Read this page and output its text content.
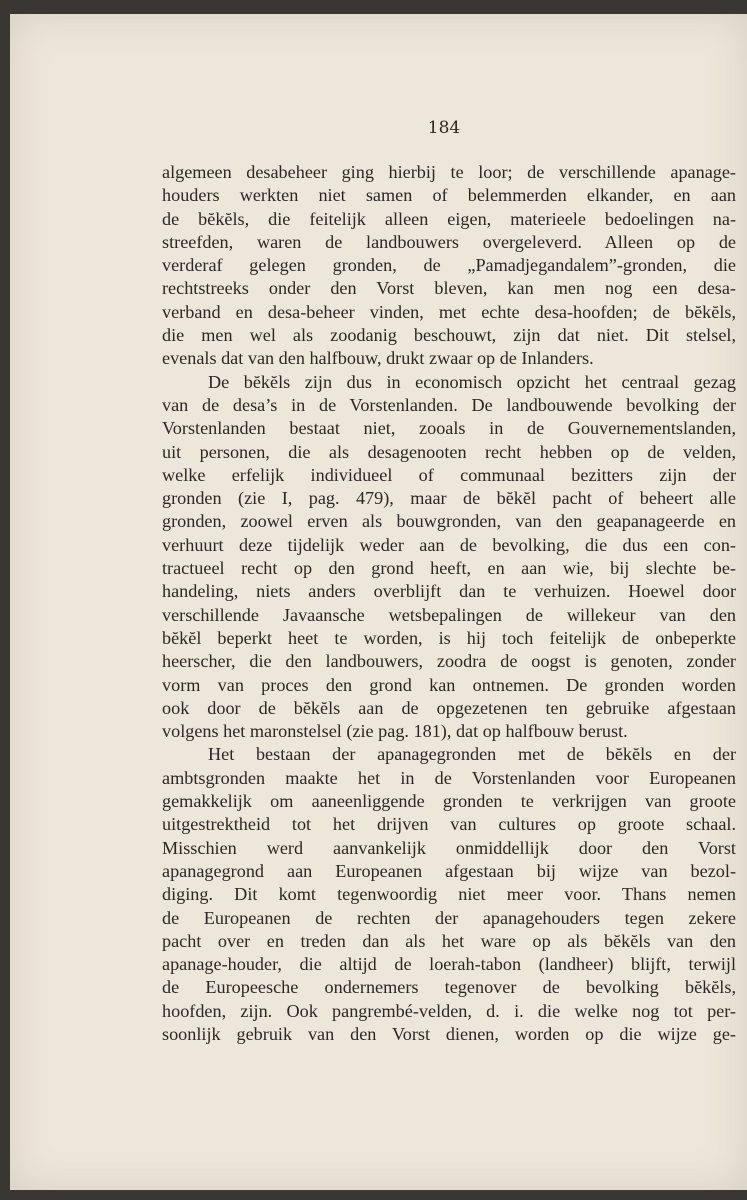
184
algemeen desabeheer ging hierbij te loor; de verschillende apanage-
houders werkten niet samen of belemmerden elkander, en aan
de bĕkĕls, die feitelijk alleen eigen, materieele bedoelingen na-
streefden, waren de landbouwers overgeleverd. Alleen op de
verderaf gelegen gronden, de „Pamadjegandalem”-gronden, die
rechtstreeks onder den Vorst bleven, kan men nog een desa-
verband en desa-beheer vinden, met echte desa-hoofden; de bĕkĕls,
die men wel als zoodanig beschouwt, zijn dat niet. Dit stelsel,
evenals dat van den halfbouw, drukt zwaar op de Inlanders.
De bĕkĕls zijn dus in economisch opzicht het centraal gezag
van de desa’s in de Vorstenlanden. De landbouwende bevolking der
Vorstenlanden bestaat niet, zooals in de Gouvernementslanden,
uit personen, die als desagenooten recht hebben op de velden,
welke erfelijk individueel of communaal bezitters zijn der
gronden (zie I, pag. 479), maar de bĕkĕl pacht of beheert alle
gronden, zoowel erven als bouwgronden, van den geapanageerde en
verhuurt deze tijdelijk weder aan de bevolking, die dus een con-
tractueel recht op den grond heeft, en aan wie, bij slechte be-
handeling, niets anders overblijft dan te verhuizen. Hoewel door
verschillende Javaansche wetsbepalingen de willekeur van den
bĕkĕl beperkt heet te worden, is hij toch feitelijk de onbeperkte
heerscher, die den landbouwers, zoodra de oogst is genoten, zonder
vorm van proces den grond kan ontnemen. De gronden worden
ook door de bĕkĕls aan de opgezetenen ten gebruike afgestaan
volgens het maronstelsel (zie pag. 181), dat op halfbouw berust.
Het bestaan der apanagegronden met de bĕkĕls en der
ambtsgronden maakte het in de Vorstenlanden voor Europeanen
gemakkelijk om aaneenliggende gronden te verkrijgen van groote
uitgestrektheid tot het drijven van cultures op groote schaal.
Misschien werd aanvankelijk onmiddellijk door den Vorst
apanagegrond aan Europeanen afgestaan bij wijze van bezol-
diging. Dit komt tegenwoordig niet meer voor. Thans nemen
de Europeanen de rechten der apanagehouders tegen zekere
pacht over en treden dan als het ware op als bĕkĕls van den
apanage-houder, die altijd de loerah-tabon (landheer) blijft, terwijl
de Europeesche ondernemers tegenover de bevolking bĕkĕls,
hoofden, zijn. Ook pangrembé-velden, d. i. die welke nog tot per-
soonlijk gebruik van den Vorst dienen, worden op die wijze ge-
